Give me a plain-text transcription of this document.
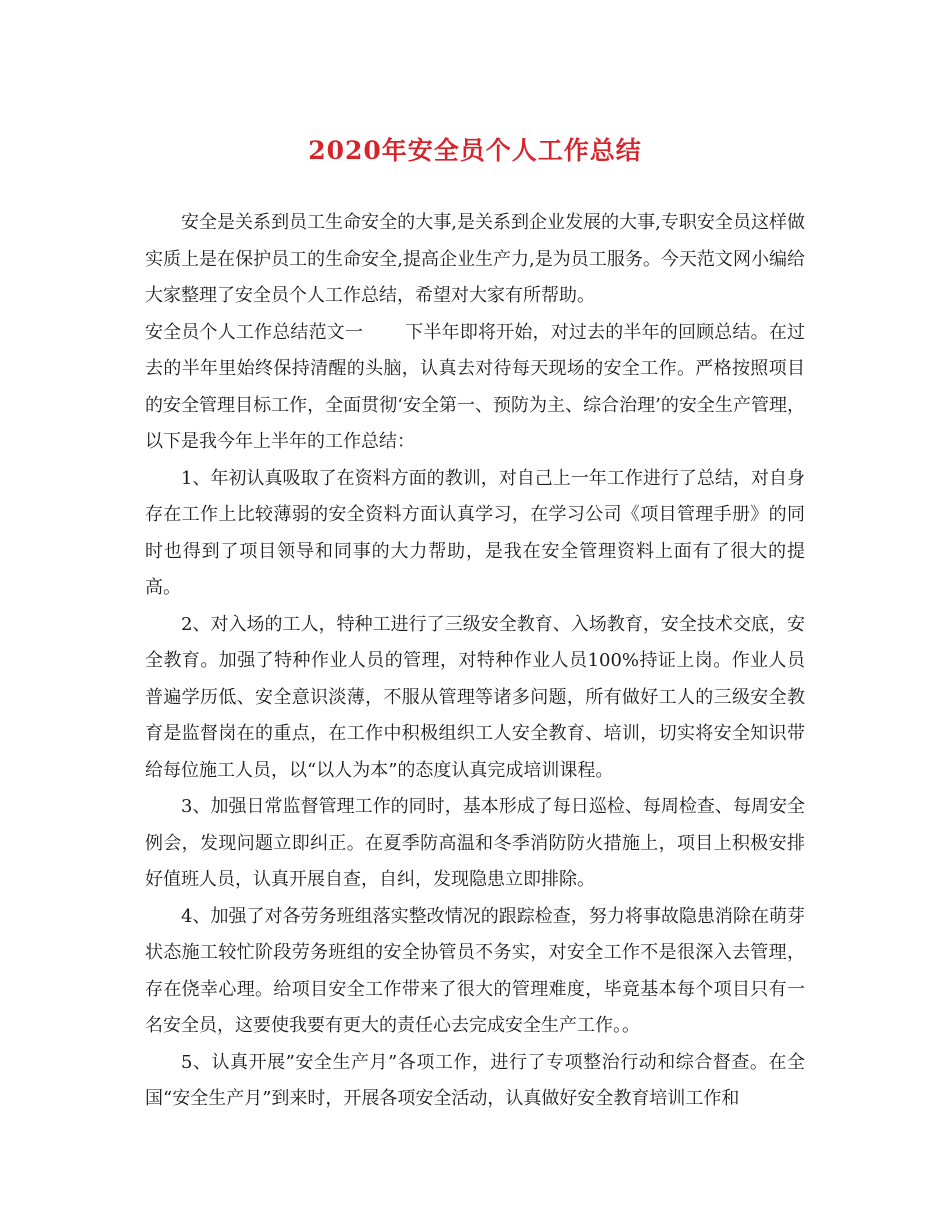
2020年安全员个人工作总结

安全是关系到员工生命安全的大事,是关系到企业发展的大事,专职安全员这样做实质上是在保护员工的生命安全,提高企业生产力,是为员工服务。今天范文网小编给大家整理了安全员个人工作总结，希望对大家有所帮助。

安全员个人工作总结范文一 下半年即将开始，对过去的半年的回顾总结。在过去的半年里始终保持清醒的头脑，认真去对待每天现场的安全工作。严格按照项目的安全管理目标工作，全面贯彻‘安全第一、预防为主、综合治理’的安全生产管理，以下是我今年上半年的工作总结：

1、年初认真吸取了在资料方面的教训，对自己上一年工作进行了总结，对自身存在工作上比较薄弱的安全资料方面认真学习，在学习公司《项目管理手册》的同时也得到了项目领导和同事的大力帮助，是我在安全管理资料上面有了很大的提高。

2、对入场的工人，特种工进行了三级安全教育、入场教育，安全技术交底，安全教育。加强了特种作业人员的管理，对特种作业人员100%持证上岗。作业人员普遍学历低、安全意识淡薄，不服从管理等诸多问题，所有做好工人的三级安全教育是监督岗在的重点，在工作中积极组织工人安全教育、培训，切实将安全知识带给每位施工人员，以“以人为本”的态度认真完成培训课程。

3、加强日常监督管理工作的同时，基本形成了每日巡检、每周检查、每周安全例会，发现问题立即纠正。在夏季防高温和冬季消防防火措施上，项目上积极安排好值班人员，认真开展自查，自纠，发现隐患立即排除。

4、加强了对各劳务班组落实整改情况的跟踪检查，努力将事故隐患消除在萌芽状态施工较忙阶段劳务班组的安全协管员不务实，对安全工作不是很深入去管理，存在侥幸心理。给项目安全工作带来了很大的管理难度，毕竟基本每个项目只有一名安全员，这要使我要有更大的责任心去完成安全生产工作。。

5、认真开展”安全生产月”各项工作，进行了专项整治行动和综合督查。在全国“安全生产月”到来时，开展各项安全活动，认真做好安全教育培训工作和
